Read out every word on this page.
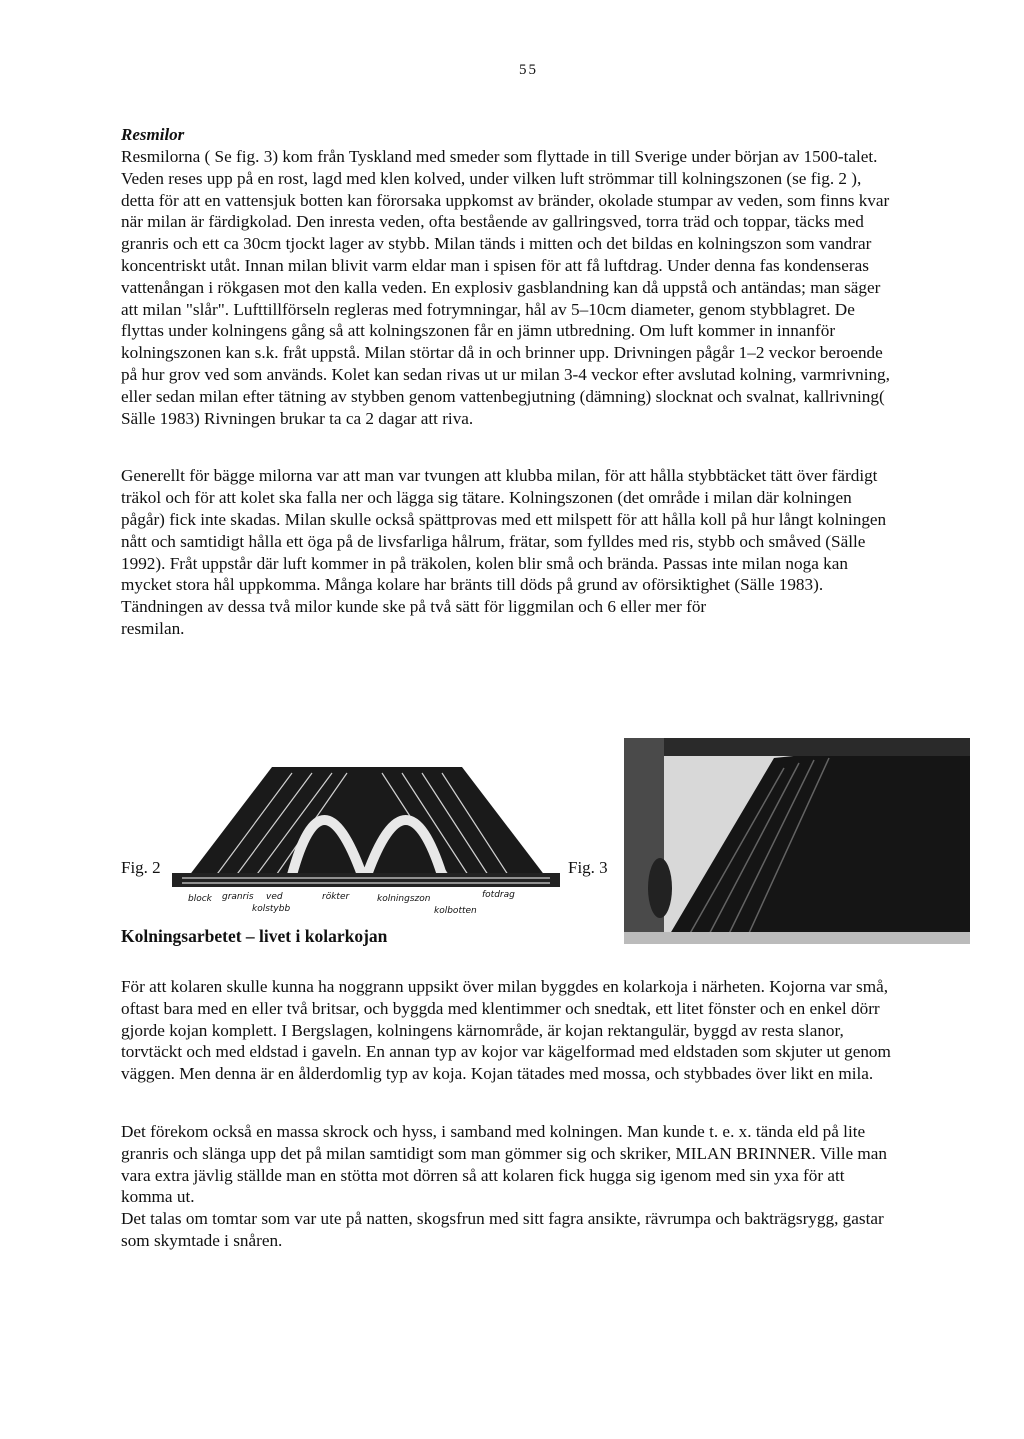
55

Resmilor

Resmilorna ( Se fig. 3) kom från Tyskland med smeder som flyttade in till Sverige under början av 1500-talet. Veden reses upp på en rost, lagd med klen kolved, under vilken luft strömmar till kolningszonen (se fig. 2 ), detta för att en vattensjuk botten kan förorsaka uppkomst av bränder, okolade stumpar av veden, som finns kvar när milan är färdigkolad. Den inresta veden, ofta bestående av gallringsved, torra träd och toppar, täcks med granris och ett ca 30cm tjockt lager av stybb. Milan tänds i mitten och det bildas en kolningszon som vandrar koncentriskt utåt. Innan milan blivit varm eldar man i spisen för att få luftdrag. Under denna fas kondenseras vattenångan i rökgasen mot den kalla veden. En explosiv gasblandning kan då uppstå och antändas; man säger att milan "slår". Lufttillförseln regleras med fotrymningar, hål av 5–10cm diameter, genom stybblagret. De flyttas under kolningens gång så att kolningszonen får en jämn utbredning. Om luft kommer in innanför kolningszonen kan s.k. fråt uppstå. Milan störtar då in och brinner upp. Drivningen pågår 1–2 veckor beroende på hur grov ved som används. Kolet kan sedan rivas ut ur milan 3-4 veckor efter avslutad kolning, varmrivning, eller sedan milan efter tätning av stybben genom vattenbegjutning (dämning) slocknat och svalnat, kallrivning( Sälle 1983) Rivningen brukar ta ca 2 dagar att riva.

Generellt för bägge milorna var att man var tvungen att klubba milan, för att hålla stybbtäcket tätt över färdigt träkol och för att kolet ska falla ner och lägga sig tätare. Kolningszonen (det område i milan där kolningen pågår) fick inte skadas. Milan skulle också spättprovas med ett milspett för att hålla koll på hur långt kolningen nått och samtidigt hålla ett öga på de livsfarliga hålrum, frätar, som fylldes med ris, stybb och småved (Sälle 1992). Fråt uppstår där luft kommer in på träkolen, kolen blir små och brända. Passas inte milan noga kan mycket stora hål uppkomma. Många kolare har bränts till döds på grund av oförsiktighet (Sälle 1983). Tändningen av dessa två milor kunde ske på två sätt för liggmilan och 6 eller mer för

resmilan.

block granris ved	rökter	kolningszon	fotdrag
kolbotten
kolstybb
Fig. 2	Fig. 3

Kolningsarbetet – livet i kolarkojan

För att kolaren skulle kunna ha noggrann uppsikt över milan byggdes en kolarkoja i närheten. Kojorna var små, oftast bara med en eller två britsar, och byggda med klentimmer och snedtak, ett litet fönster och en enkel dörr gjorde kojan komplett. I Bergslagen, kolningens kärnområde, är kojan rektangulär, byggd av resta slanor, torvtäckt och med eldstad i gaveln. En annan typ av kojor var kägelformad med eldstaden som skjuter ut genom väggen. Men denna är en ålderdomlig typ av koja. Kojan tätades med mossa, och stybbades över likt en mila.

Det förekom också en massa skrock och hyss, i samband med kolningen. Man kunde t. e. x. tända eld på lite granris och slänga upp det på milan samtidigt som man gömmer sig och skriker, MILAN BRINNER. Ville man vara extra jävlig ställde man en stötta mot dörren så att kolaren fick hugga sig igenom med sin yxa för att komma ut.

Det talas om tomtar som var ute på natten, skogsfrun med sitt fagra ansikte, rävrumpa och bakträgsrygg, gastar som skymtade i snåren.
